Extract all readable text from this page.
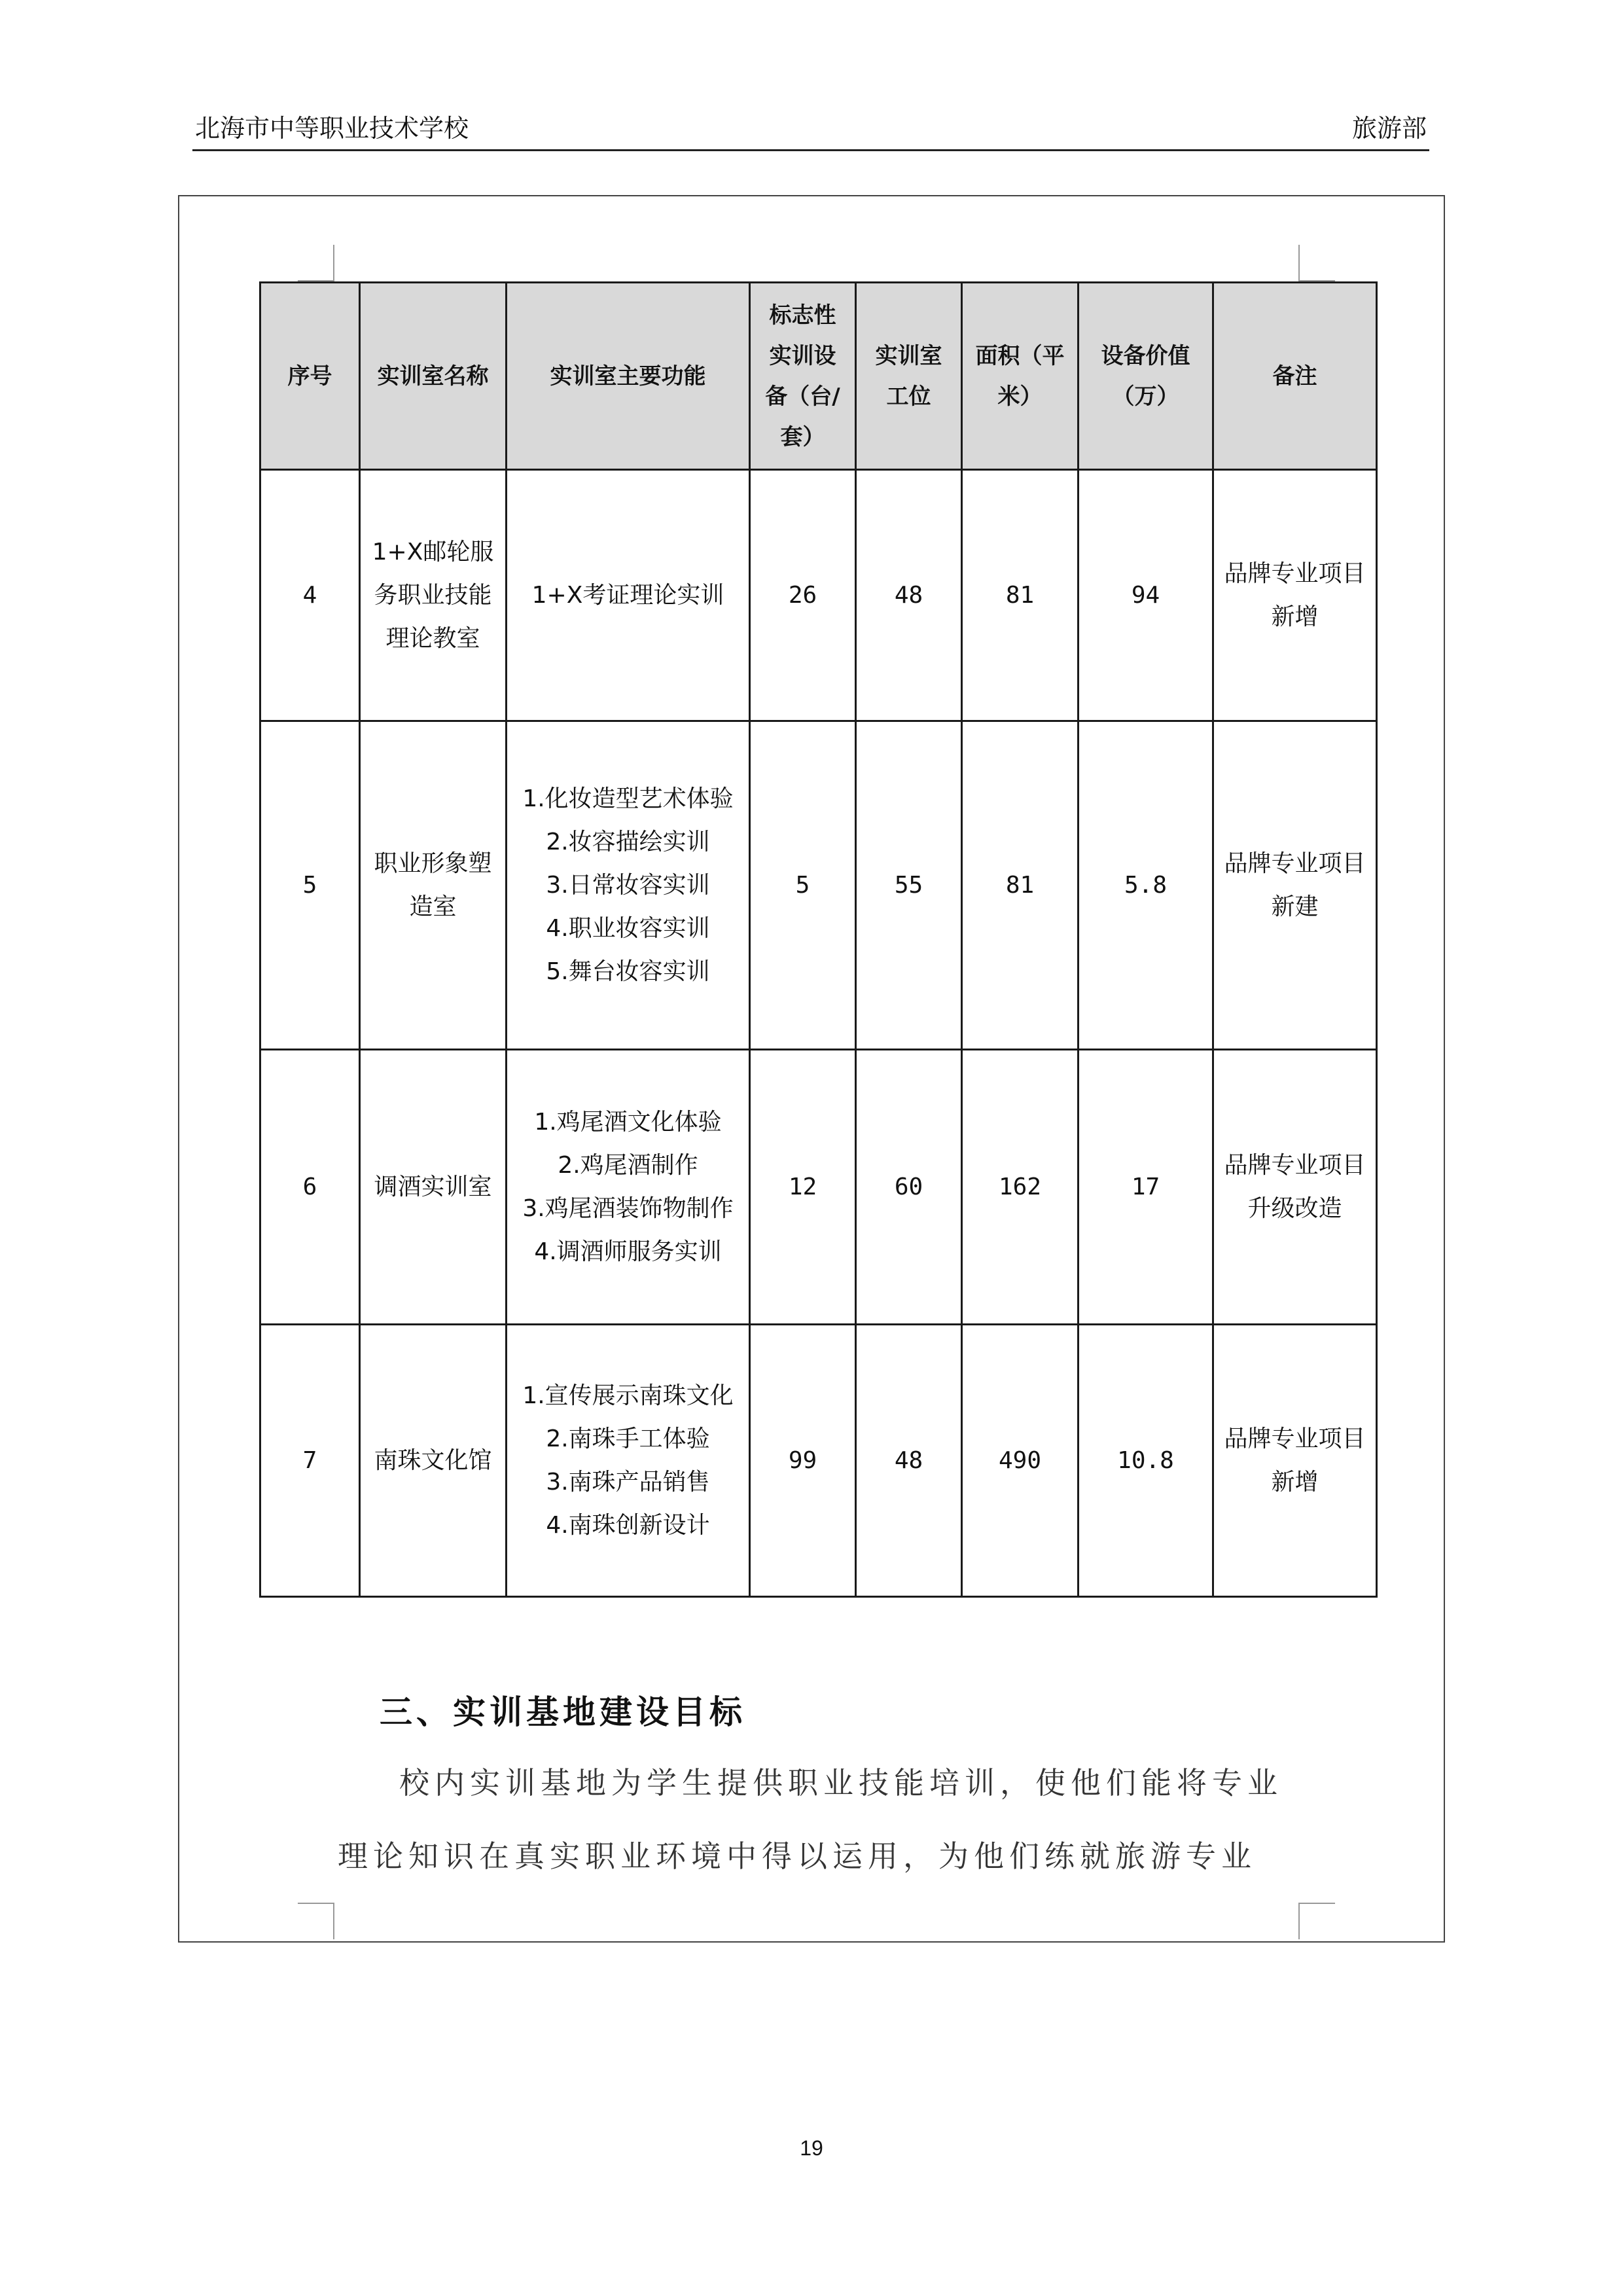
北海市中等职业技术学校	旅游部
序号	实训室名称	实训室主要功能	标志性实训设备（台/套）	实训室工位	面积（平米）	设备价值（万）	备注
4	1+X邮轮服务职业技能理论教室	1+X考证理论实训	26	48	81	94	品牌专业项目新增
5	职业形象塑造室	1.化妆造型艺术体验
2.妆容描绘实训
3.日常妆容实训
4.职业妆容实训
5.舞台妆容实训	5	55	81	5.8	品牌专业项目新建
6	调酒实训室	1.鸡尾酒文化体验
2.鸡尾酒制作
3.鸡尾酒装饰物制作
4.调酒师服务实训	12	60	162	17	品牌专业项目升级改造
7	南珠文化馆	1.宣传展示南珠文化
2.南珠手工体验
3.南珠产品销售
4.南珠创新设计	99	48	490	10.8	品牌专业项目新增
三、实训基地建设目标
校内实训基地为学生提供职业技能培训，使他们能将专业
理论知识在真实职业环境中得以运用，为他们练就旅游专业
19
